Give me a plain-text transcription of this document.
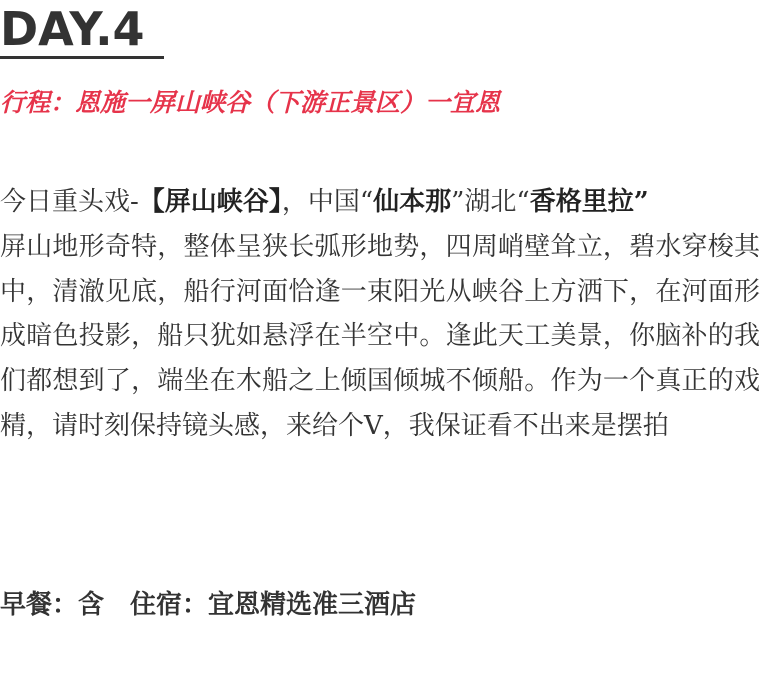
DAY.4
行程：恩施一屏山峡谷（下游正景区）一宜恩

今日重头戏-【屏山峡谷】，中国“仙本那”湖北“香格里拉”

屏山地形奇特，整体呈狭长弧形地势，四周峭壁耸立，碧水穿梭其中，清澈见底，船行河面恰逢一束阳光从峡谷上方洒下，在河面形成暗色投影，船只犹如悬浮在半空中。逢此天工美景，你脑补的我们都想到了，端坐在木船之上倾国倾城不倾船。作为一个真正的戏精，请时刻保持镜头感，来给个V，我保证看不出来是摆拍

早餐：含 住宿：宜恩精选准三酒店
